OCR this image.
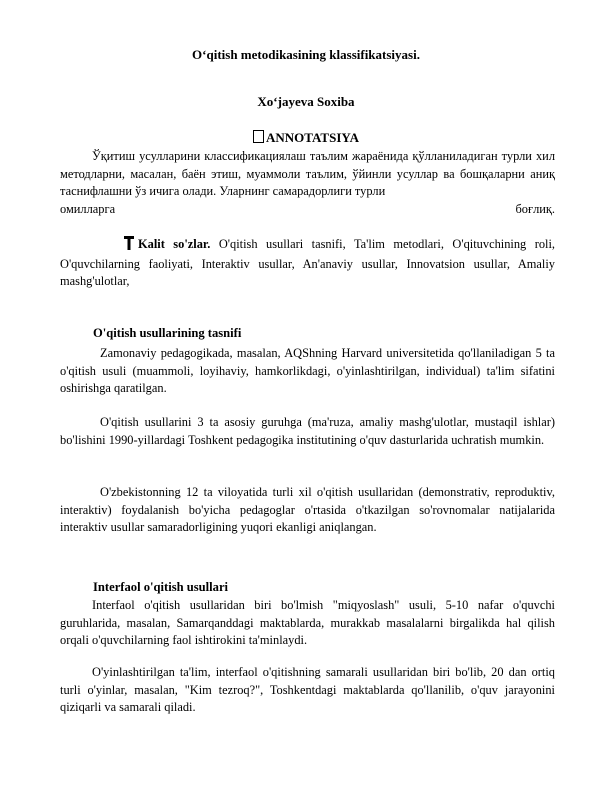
O‘qitish metodikasining klassifikatsiyasi.
Xo‘jayeva Soxiba
ANNOTATSIYA
Ўқитиш усулларини классификациялаш таълим жараёнида қўлланиладиган турли хил методларни, масалан, баён этиш, муаммоли таълим, ўйинли усуллар ва бошқаларни аниқ таснифлашни ўз ичига олади. Уларнинг самарадорлиги турли
омилларга	боғлиқ.
Kalit so'zlar. O'qitish usullari tasnifi, Ta'lim metodlari, O'qituvchining roli, O'quvchilarning faoliyati, Interaktiv usullar, An'anaviy usullar, Innovatsion usullar, Amaliy mashg'ulotlar,
O'qitish usullarining tasnifi
Zamonaviy pedagogikada, masalan, AQShning Harvard universitetida qo'llaniladigan 5 ta o'qitish usuli (muammoli, loyihaviy, hamkorlikdagi, o'yinlashtirilgan, individual) ta'lim sifatini oshirishga qaratilgan.
O'qitish usullarini 3 ta asosiy guruhga (ma'ruza, amaliy mashg'ulotlar, mustaqil ishlar) bo'lishini 1990-yillardagi Toshkent pedagogika institutining o'quv dasturlarida uchratish mumkin.
O'zbekistonning 12 ta viloyatida turli xil o'qitish usullaridan (demonstrativ, reproduktiv, interaktiv) foydalanish bo'yicha pedagoglar o'rtasida o'tkazilgan so'rovnomalar natijalarida interaktiv usullar samaradorligining yuqori ekanligi aniqlangan.
Interfaol o'qitish usullari
Interfaol o'qitish usullaridan biri bo'lmish "miqyoslash" usuli, 5-10 nafar o'quvchi guruhlarida, masalan, Samarqanddagi maktablarda, murakkab masalalarni birgalikda hal qilish orqali o'quvchilarning faol ishtirokini ta'minlaydi.
O'yinlashtirilgan ta'lim, interfaol o'qitishning samarali usullaridan biri bo'lib, 20 dan ortiq turli o'yinlar, masalan, "Kim tezroq?", Toshkentdagi maktablarda qo'llanilib, o'quv jarayonini qiziqarli va samarali qiladi.
